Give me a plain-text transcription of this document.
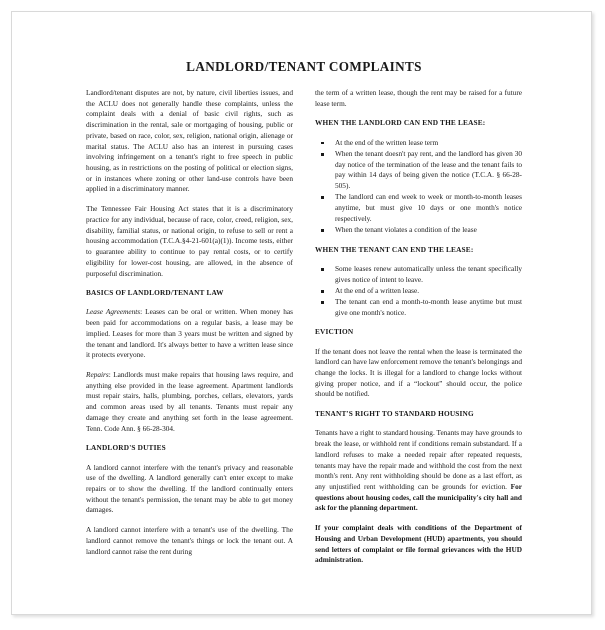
LANDLORD/TENANT COMPLAINTS

Landlord/tenant disputes are not, by nature, civil liberties issues, and the ACLU does not generally handle these complaints, unless the complaint deals with a denial of basic civil rights, such as discrimination in the rental, sale or mortgaging of housing, public or private, based on race, color, sex, religion, national origin, alienage or marital status. The ACLU also has an interest in pursuing cases involving infringement on a tenant's right to free speech in public housing, as in restrictions on the posting of political or election signs, or in instances where zoning or other land-use controls have been applied in a discriminatory manner.

The Tennessee Fair Housing Act states that it is a discriminatory practice for any individual, because of race, color, creed, religion, sex, disability, familial status, or national origin, to refuse to sell or rent a housing accommodation (T.C.A.§4-21-601(a)(1)). Income tests, either to guarantee ability to continue to pay rental costs, or to certify eligibility for lower-cost housing, are allowed, in the absence of purposeful discrimination.

BASICS OF LANDLORD/TENANT LAW

Lease Agreements: Leases can be oral or written. When money has been paid for accommodations on a regular basis, a lease may be implied. Leases for more than 3 years must be written and signed by the tenant and landlord. It's always better to have a written lease since it protects everyone.

Repairs: Landlords must make repairs that housing laws require, and anything else provided in the lease agreement. Apartment landlords must repair stairs, halls, plumbing, porches, cellars, elevators, yards and common areas used by all tenants. Tenants must repair any damage they create and anything set forth in the lease agreement. Tenn. Code Ann. § 66-28-304.

LANDLORD'S DUTIES

A landlord cannot interfere with the tenant's privacy and reasonable use of the dwelling. A landlord generally can't enter except to make repairs or to show the dwelling. If the landlord continually enters without the tenant's permission, the tenant may be able to get money damages.

A landlord cannot interfere with a tenant's use of the dwelling. The landlord cannot remove the tenant's things or lock the tenant out. A landlord cannot raise the rent during

the term of a written lease, though the rent may be raised for a future lease term.

WHEN THE LANDLORD CAN END THE LEASE:

At the end of the written lease term
When the tenant doesn't pay rent, and the landlord has given 30 day notice of the termination of the lease and the tenant fails to pay within 14 days of being given the notice (T.C.A. § 66-28-505).
The landlord can end week to week or month-to-month leases anytime, but must give 10 days or one month's notice respectively.
When the tenant violates a condition of the lease

WHEN THE TENANT CAN END THE LEASE:

Some leases renew automatically unless the tenant specifically gives notice of intent to leave.
At the end of a written lease.
The tenant can end a month-to-month lease anytime but must give one month's notice.

EVICTION

If the tenant does not leave the rental when the lease is terminated the landlord can have law enforcement remove the tenant's belongings and change the locks. It is illegal for a landlord to change locks without giving proper notice, and if a “lockout” should occur, the police should be notified.

TENANT'S RIGHT TO STANDARD HOUSING

Tenants have a right to standard housing. Tenants may have grounds to break the lease, or withhold rent if conditions remain substandard. If a landlord refuses to make a needed repair after repeated requests, tenants may have the repair made and withhold the cost from the next month's rent. Any rent withholding should be done as a last effort, as any unjustified rent withholding can be grounds for eviction. For questions about housing codes, call the municipality's city hall and ask for the planning department.

If your complaint deals with conditions of the Department of Housing and Urban Development (HUD) apartments, you should send letters of complaint or file formal grievances with the HUD administration.
